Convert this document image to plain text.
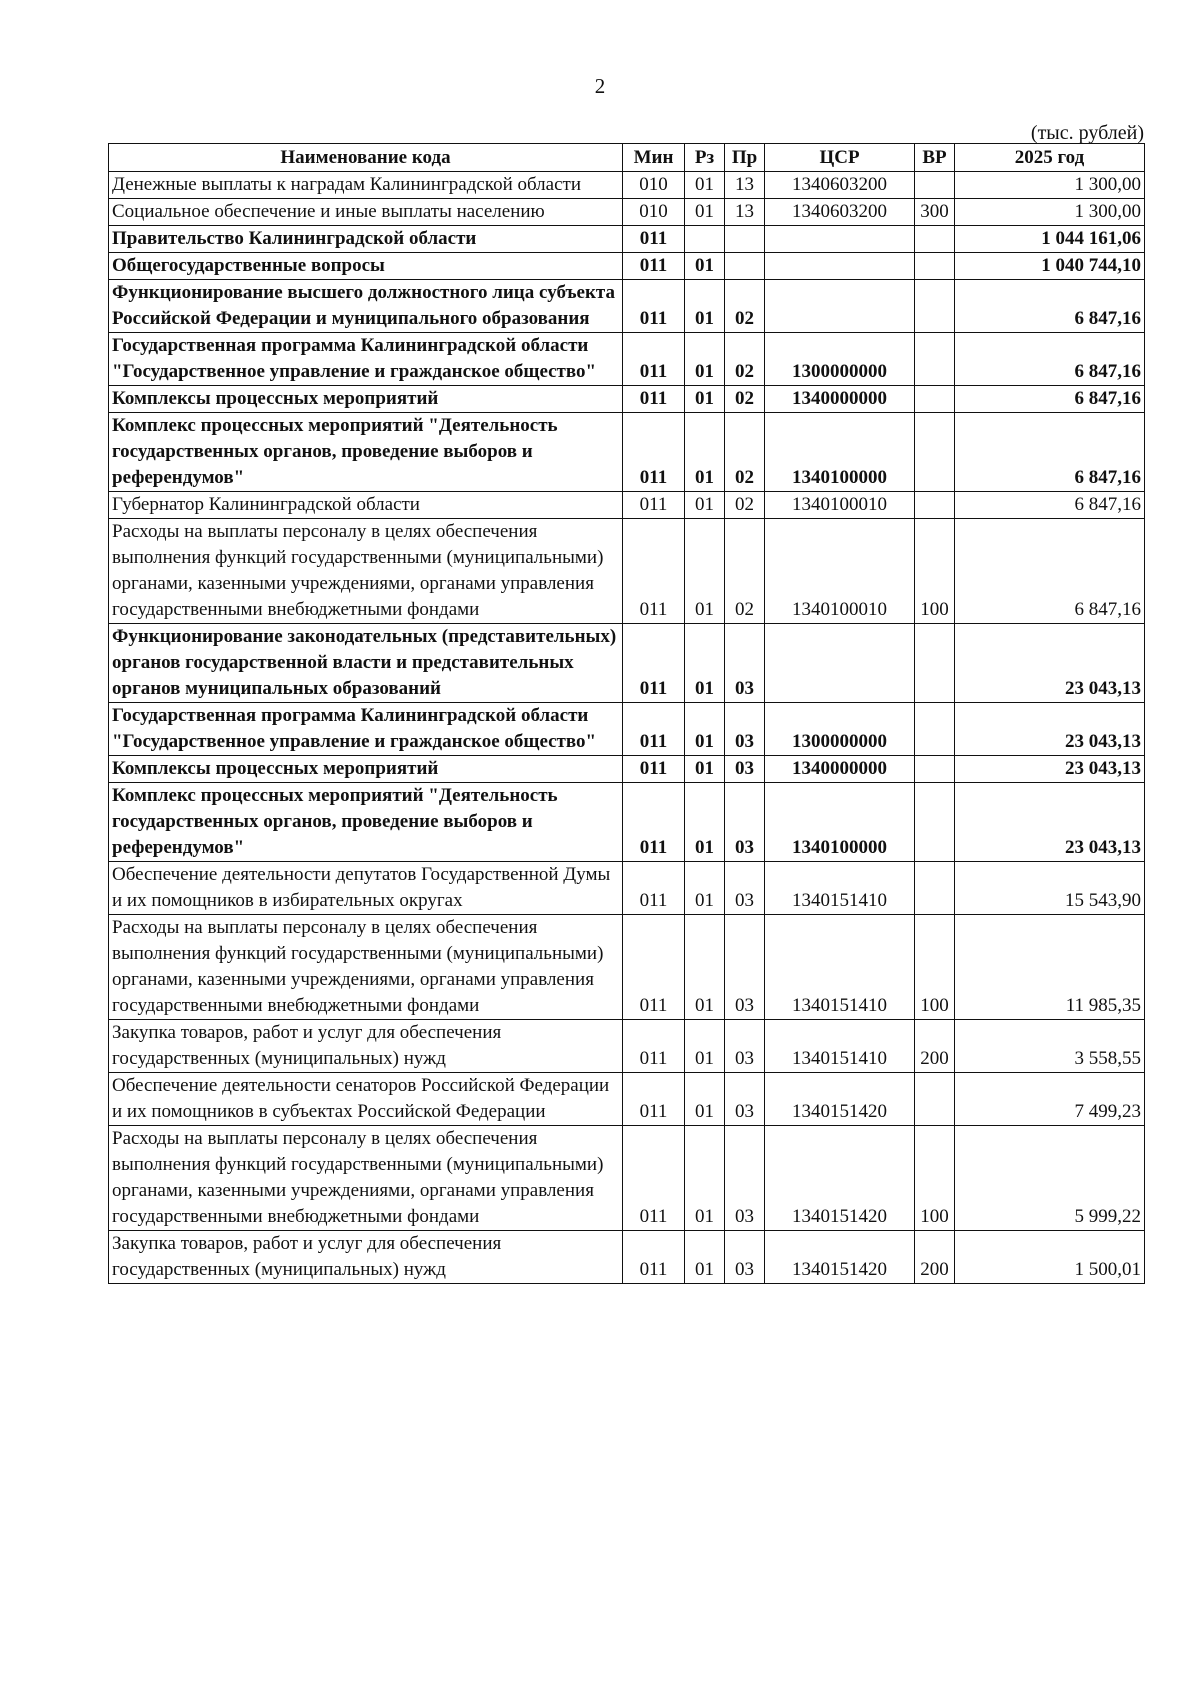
2
(тыс. рублей)
Наименование кода	Мин	Рз	Пр	ЦСР	ВР	2025 год
Денежные выплаты к наградам Калининградской области	010	01	13	1340603200		1 300,00
Социальное обеспечение и иные выплаты населению	010	01	13	1340603200	300	1 300,00
Правительство Калининградской области	011					1 044 161,06
Общегосударственные вопросы	011	01				1 040 744,10
Функционирование высшего должностного лица субъекта Российской Федерации и муниципального образования	011	01	02			6 847,16
Государственная программа Калининградской области "Государственное управление и гражданское общество"	011	01	02	1300000000		6 847,16
Комплексы процессных мероприятий	011	01	02	1340000000		6 847,16
Комплекс процессных мероприятий "Деятельность государственных органов, проведение выборов и референдумов"	011	01	02	1340100000		6 847,16
Губернатор Калининградской области	011	01	02	1340100010		6 847,16
Расходы на выплаты персоналу в целях обеспечения выполнения функций государственными (муниципальными) органами, казенными учреждениями, органами управления государственными внебюджетными фондами	011	01	02	1340100010	100	6 847,16
Функционирование законодательных (представительных) органов государственной власти и представительных органов муниципальных образований	011	01	03			23 043,13
Государственная программа Калининградской области "Государственное управление и гражданское общество"	011	01	03	1300000000		23 043,13
Комплексы процессных мероприятий	011	01	03	1340000000		23 043,13
Комплекс процессных мероприятий "Деятельность государственных органов, проведение выборов и референдумов"	011	01	03	1340100000		23 043,13
Обеспечение деятельности депутатов Государственной Думы и их помощников в избирательных округах	011	01	03	1340151410		15 543,90
Расходы на выплаты персоналу в целях обеспечения выполнения функций государственными (муниципальными) органами, казенными учреждениями, органами управления государственными внебюджетными фондами	011	01	03	1340151410	100	11 985,35
Закупка товаров, работ и услуг для обеспечения государственных (муниципальных) нужд	011	01	03	1340151410	200	3 558,55
Обеспечение деятельности сенаторов Российской Федерации и их помощников в субъектах Российской Федерации	011	01	03	1340151420		7 499,23
Расходы на выплаты персоналу в целях обеспечения выполнения функций государственными (муниципальными) органами, казенными учреждениями, органами управления государственными внебюджетными фондами	011	01	03	1340151420	100	5 999,22
Закупка товаров, работ и услуг для обеспечения государственных (муниципальных) нужд	011	01	03	1340151420	200	1 500,01
